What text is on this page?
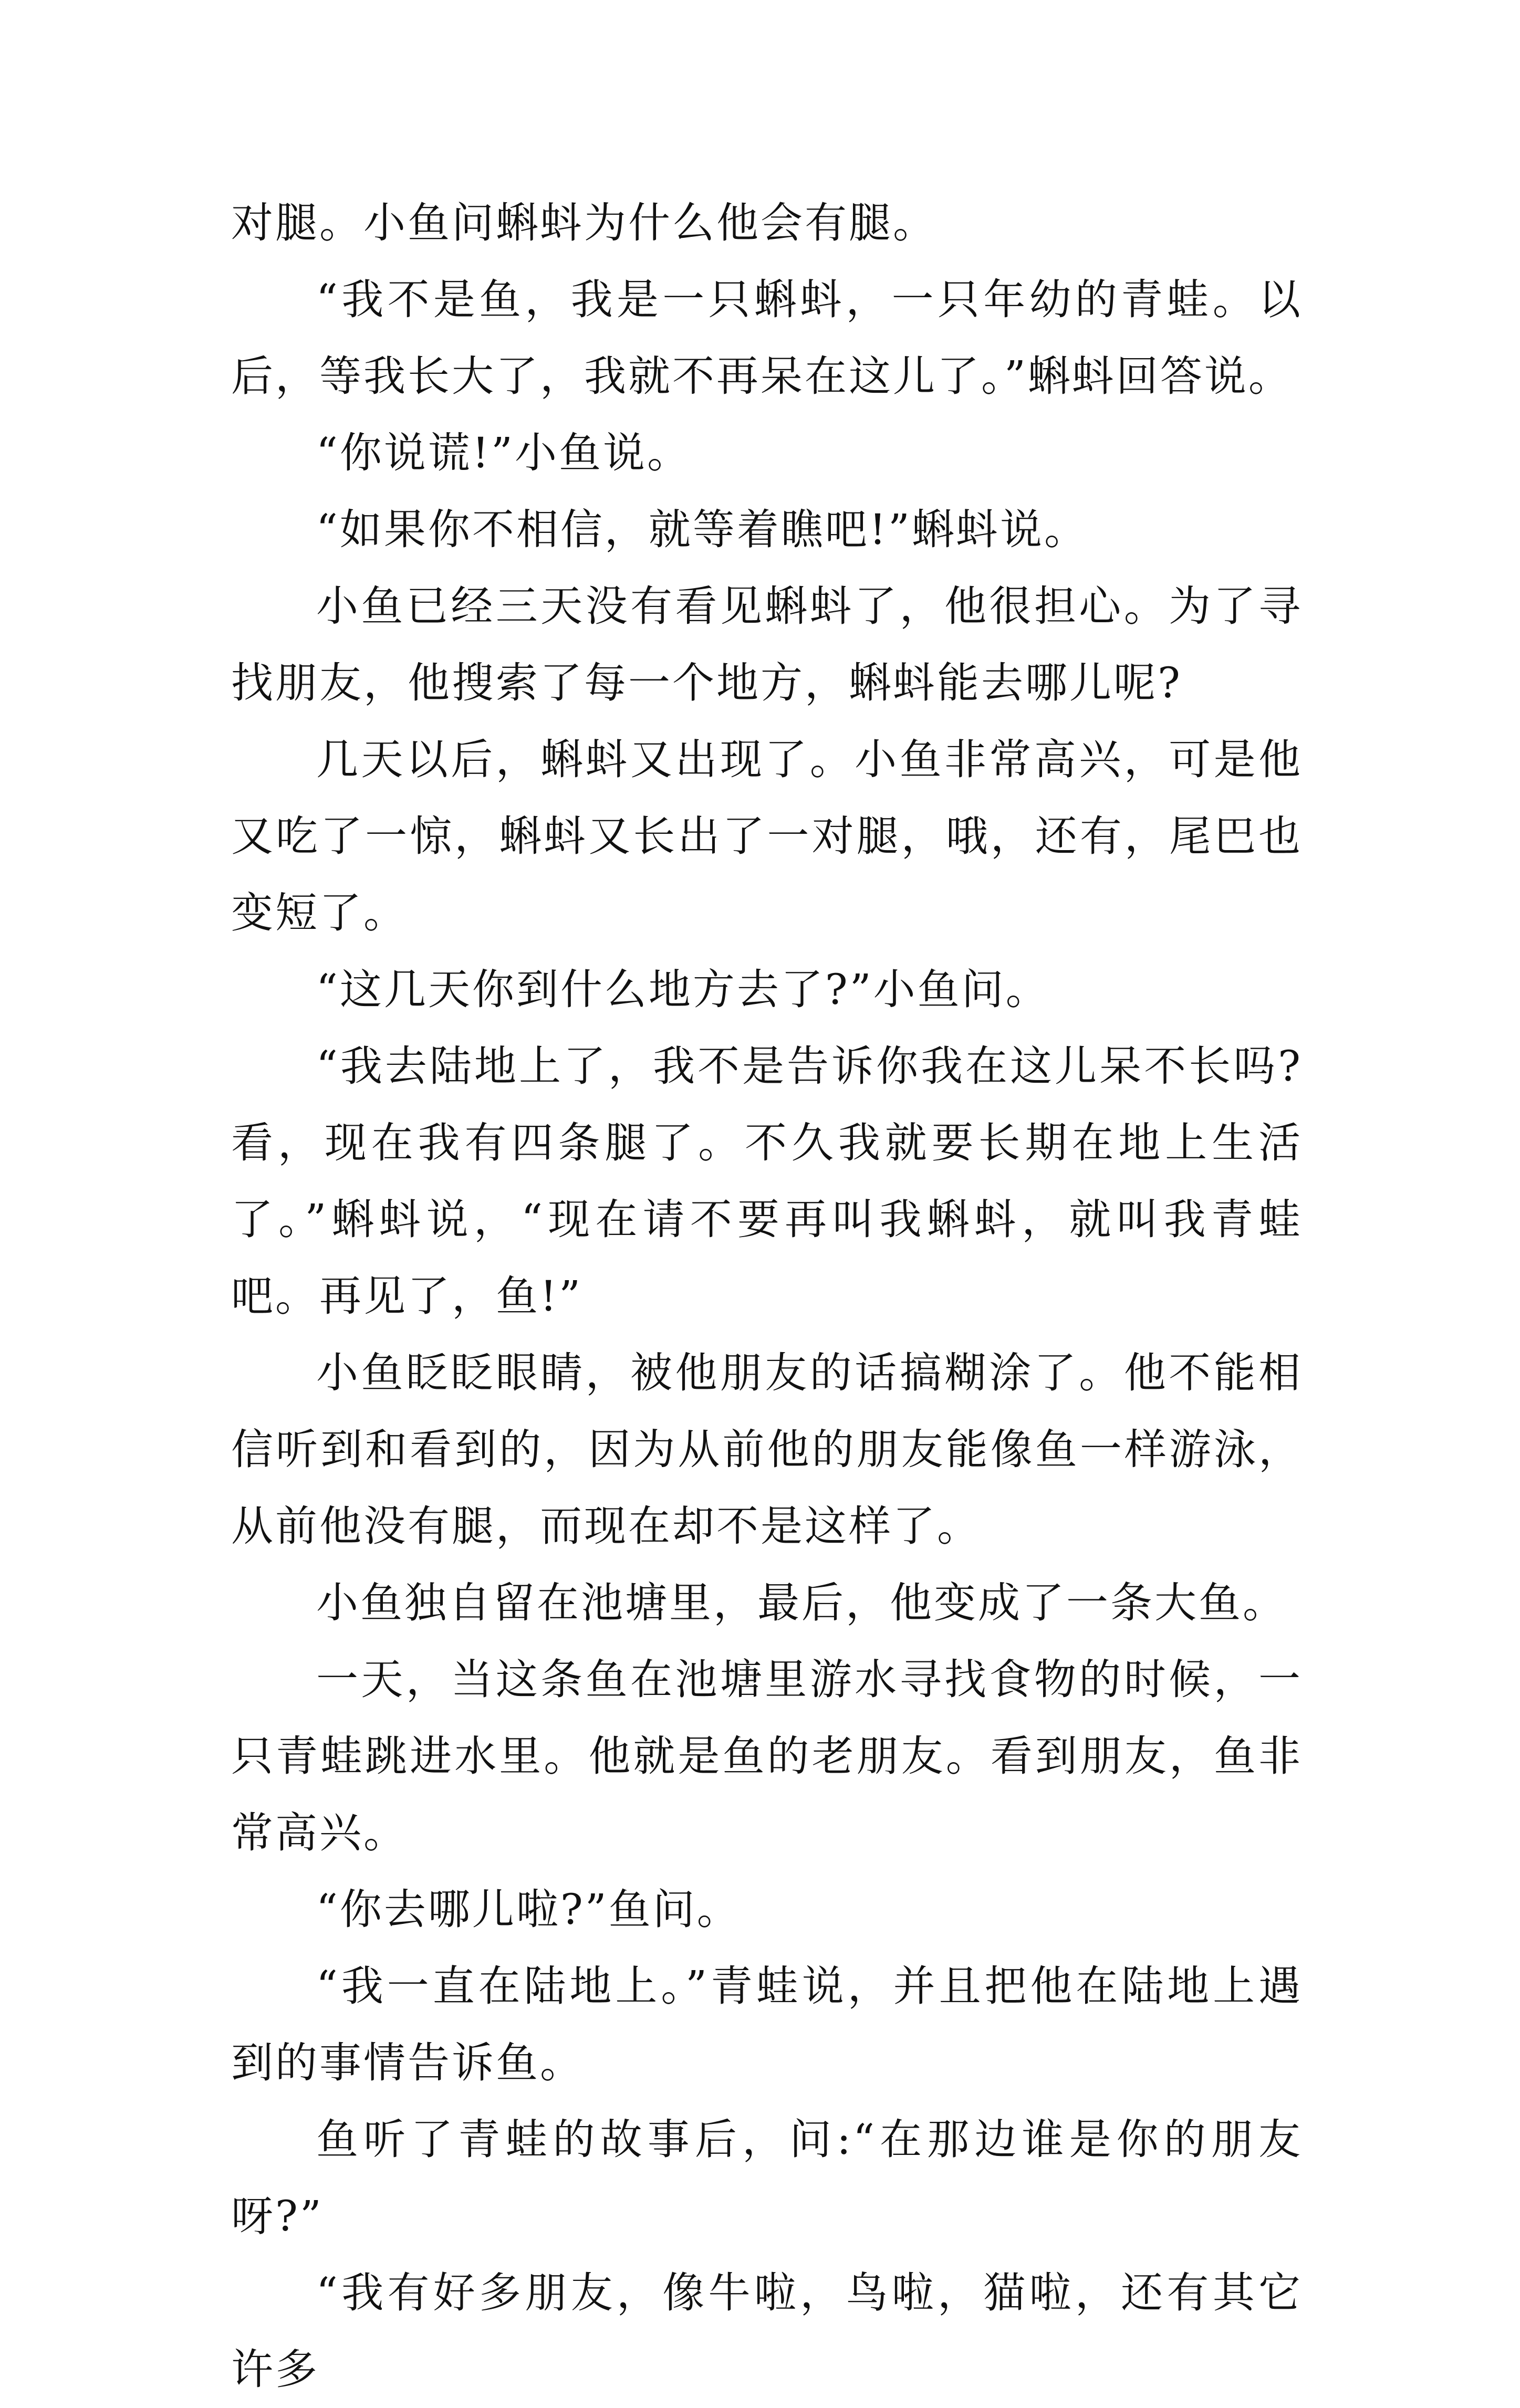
对腿。小鱼问蝌蚪为什么他会有腿。

“我不是鱼，我是一只蝌蚪，一只年幼的青蛙。以后，等我长大了，我就不再呆在这儿了。”蝌蚪回答说。

“你说谎!”小鱼说。

“如果你不相信，就等着瞧吧!”蝌蚪说。

小鱼已经三天没有看见蝌蚪了，他很担心。为了寻找朋友，他搜索了每一个地方，蝌蚪能去哪儿呢?

几天以后，蝌蚪又出现了。小鱼非常高兴，可是他又吃了一惊，蝌蚪又长出了一对腿，哦，还有，尾巴也变短了。

“这几天你到什么地方去了?”小鱼问。

“我去陆地上了，我不是告诉你我在这儿呆不长吗?看，现在我有四条腿了。不久我就要长期在地上生活了。”蝌蚪说，“现在请不要再叫我蝌蚪，就叫我青蛙吧。再见了，鱼!”

小鱼眨眨眼睛，被他朋友的话搞糊涂了。他不能相信听到和看到的，因为从前他的朋友能像鱼一样游泳，从前他没有腿，而现在却不是这样了。

小鱼独自留在池塘里，最后，他变成了一条大鱼。

一天，当这条鱼在池塘里游水寻找食物的时候，一只青蛙跳进水里。他就是鱼的老朋友。看到朋友，鱼非常高兴。

“你去哪儿啦?”鱼问。

“我一直在陆地上。”青蛙说，并且把他在陆地上遇到的事情告诉鱼。

鱼听了青蛙的故事后，问:“在那边谁是你的朋友呀?”

“我有好多朋友，像牛啦，鸟啦，猫啦，还有其它许多
